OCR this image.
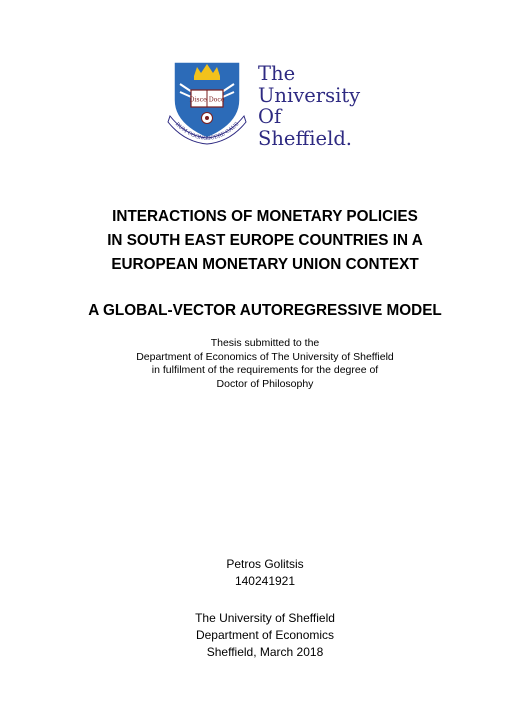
Disce Doce
RUM COGNOSCERE CAUS
The
University
Of
Sheffield.
INTERACTIONS OF MONETARY POLICIES
IN SOUTH EAST EUROPE COUNTRIES IN A
EUROPEAN MONETARY UNION CONTEXT
A GLOBAL-VECTOR AUTOREGRESSIVE MODEL
Thesis submitted to the
Department of Economics of The University of Sheffield
in fulfilment of the requirements for the degree of
Doctor of Philosophy
Petros Golitsis
140241921
The University of Sheffield
Department of Economics
Sheffield, March 2018
